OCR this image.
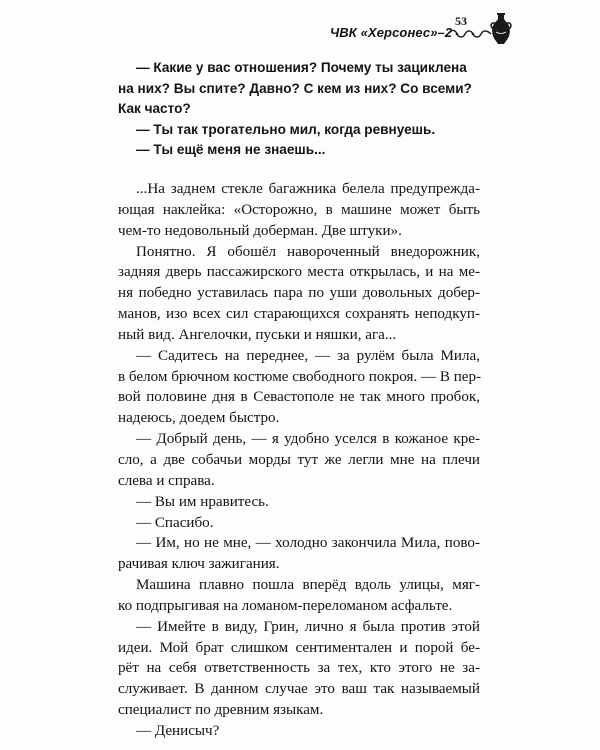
ЧВК «Херсонес»–2
53

— Какие у вас отношения? Почему ты зациклена
на них? Вы спите? Давно? С кем из них? Со всеми?
Как часто?

— Ты так трогательно мил, когда ревнуешь.

— Ты ещё меня не знаешь...

...На заднем стекле багажника белела предупрежда-
ющая наклейка: «Осторожно, в машине может быть
чем-то недовольный доберман. Две штуки».
Понятно. Я обошёл навороченный внедорожник,
задняя дверь пассажирского места открылась, и на ме-
ня победно уставилась пара по уши довольных добер-
манов, изо всех сил старающихся сохранять неподкуп-
ный вид. Ангелочки, пуськи и няшки, ага...
— Садитесь на переднее, — за рулём была Мила,
в белом брючном костюме свободного покроя. — В пер-
вой половине дня в Севастополе не так много пробок,
надеюсь, доедем быстро.
— Добрый день, — я удобно уселся в кожаное кре-
сло, а две собачьи морды тут же легли мне на плечи
слева и справа.
— Вы им нравитесь.
— Спасибо.
— Им, но не мне, — холодно закончила Мила, пово-
рачивая ключ зажигания.
Машина плавно пошла вперёд вдоль улицы, мяг-
ко подпрыгивая на ломаном-переломаном асфальте.
— Имейте в виду, Грин, лично я была против этой
идеи. Мой брат слишком сентиментален и порой бе-
рёт на себя ответственность за тех, кто этого не за-
служивает. В данном случае это ваш так называемый
специалист по древним языкам.
— Денисыч?
